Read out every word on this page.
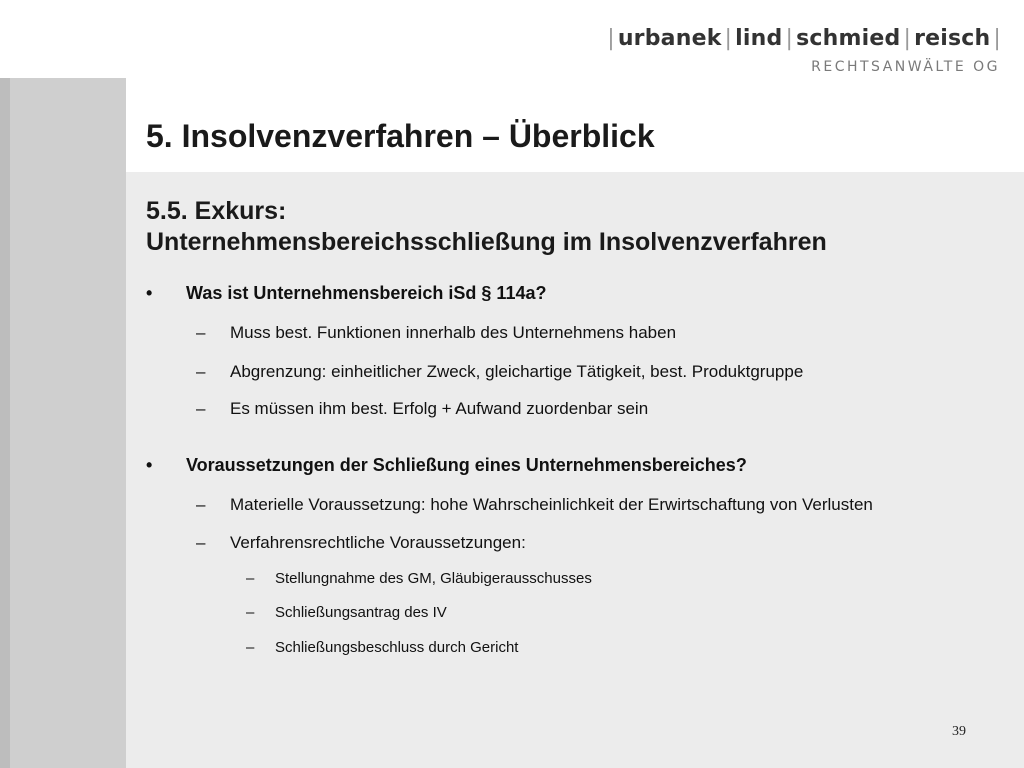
| urbanek | lind | schmied | reisch |
RECHTSANWÄLTE OG
5. Insolvenzverfahren – Überblick
5.5. Exkurs:
Unternehmensbereichsschließung im Insolvenzverfahren
•	Was ist Unternehmensbereich iSd § 114a?
– Muss best. Funktionen innerhalb des Unternehmens haben
– Abgrenzung: einheitlicher Zweck, gleichartige Tätigkeit, best. Produktgruppe
– Es müssen ihm best. Erfolg + Aufwand zuordenbar sein
•	Voraussetzungen der Schließung eines Unternehmensbereiches?
– Materielle Voraussetzung: hohe Wahrscheinlichkeit der Erwirtschaftung von Verlusten
– Verfahrensrechtliche Voraussetzungen:
– Stellungnahme des GM, Gläubigerausschusses
– Schließungsantrag des IV
– Schließungsbeschluss durch Gericht
39
